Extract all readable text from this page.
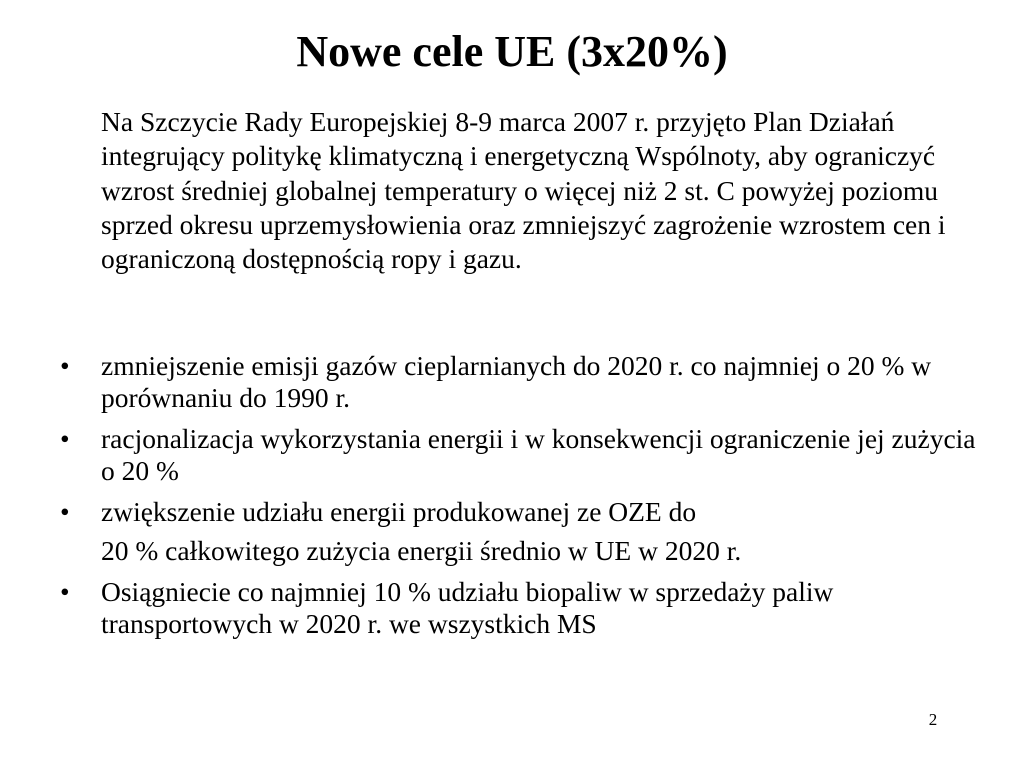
Nowe cele UE (3x20%)
Na Szczycie Rady Europejskiej 8-9 marca 2007 r. przyjęto Plan Działań integrujący politykę klimatyczną i energetyczną Wspólnoty, aby ograniczyć wzrost średniej globalnej temperatury o więcej niż 2 st. C powyżej poziomu sprzed okresu uprzemysłowienia oraz zmniejszyć zagrożenie wzrostem cen i ograniczoną dostępnością ropy i gazu.
• zmniejszenie emisji gazów cieplarnianych do 2020 r. co najmniej o 20 % w porównaniu do 1990 r.
• racjonalizacja wykorzystania energii i w konsekwencji ograniczenie jej zużycia o 20 %
• zwiększenie udziału energii produkowanej ze OZE do
20 % całkowitego zużycia energii średnio w UE w 2020 r.
• Osiągniecie co najmniej 10 % udziału biopaliw w sprzedaży paliw transportowych w 2020 r. we wszystkich MS
2
